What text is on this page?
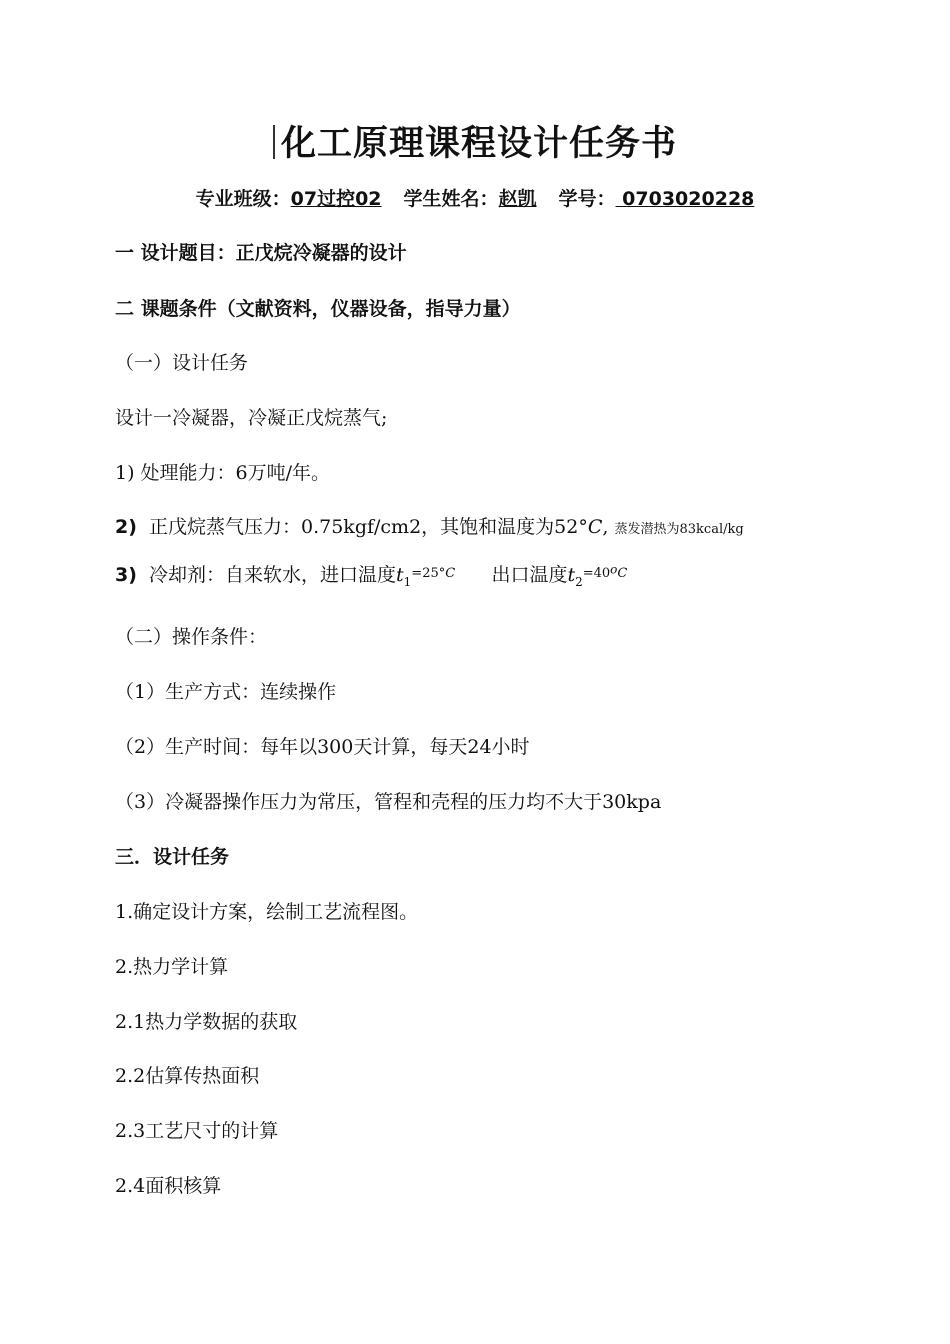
化工原理课程设计任务书
专业班级：07过控02 学生姓名：赵凯 学号： 0703020228
一 设计题目：正戊烷冷凝器的设计
二 课题条件（文献资料，仪器设备，指导力量）
（一）设计任务
设计一冷凝器，冷凝正戊烷蒸气;
1) 处理能力：6万吨/年。
2) 正戊烷蒸气压力：0.75kgf/cm2，其饱和温度为52°C, 蒸发潜热为83kcal/kg
3) 冷却剂：自来软水，进口温度$t_1^{=25^\circ C}$ 出口温度$t_2^{=40oC}$
（二）操作条件：
（1）生产方式：连续操作
（2）生产时间：每年以300天计算，每天24小时
（3）冷凝器操作压力为常压，管程和壳程的压力均不大于30kpa
三．设计任务
1.确定设计方案，绘制工艺流程图。
2.热力学计算
2.1热力学数据的获取
2.2估算传热面积
2.3工艺尺寸的计算
2.4面积核算
